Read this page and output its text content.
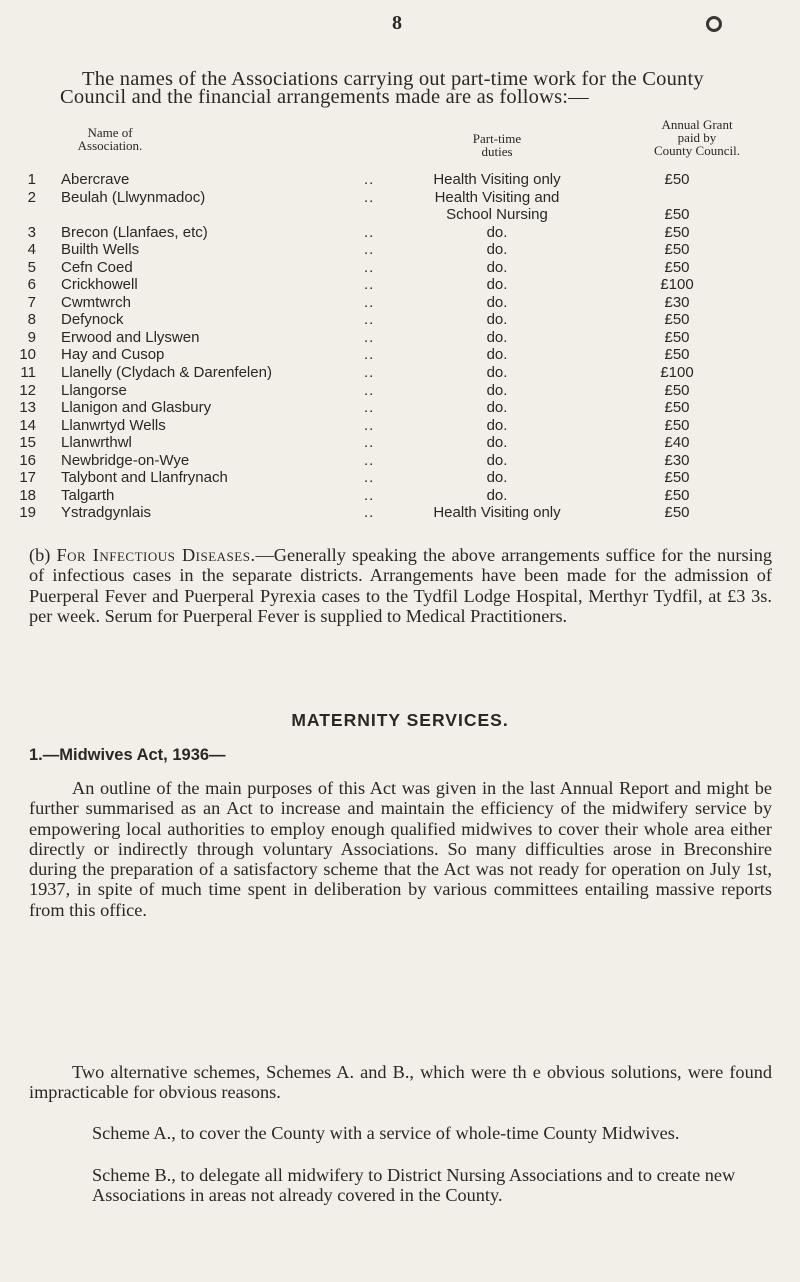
8

The names of the Associations carrying out part-time work for the County Council and the financial arrangements made are as follows:—

Name of
Association.	Part-time
duties
Annual Grant
paid by
County Council.
1 Abercrave	..	Health Visiting only	£50
2 Beulah (Llwynmadoc)	..	Health Visiting and
School Nursing	£50
3 Brecon (Llanfaes, etc)	..	do.	£50
4 Builth Wells	..	do.	£50
5 Cefn Coed	..	do.	£50
6 Crickhowell	..	do.	£100
7 Cwmtwrch	..	do.	£30
8 Defynock	..	do.	£50
9 Erwood and Llyswen	..	do.	£50
10 Hay and Cusop	..	do.	£50
11 Llanelly (Clydach & Darenfelen)	..	do.	£100
12 Llangorse	..	do.	£50
13 Llanigon and Glasbury	..	do.	£50
14 Llanwrtyd Wells	..	do.	£50
15 Llanwrthwl	..	do.	£40
16 Newbridge-on-Wye	..	do.	£30
17 Talybont and Llanfrynach	..	do.	£50
18 Talgarth	..	do.	£50
19 Ystradgynlais	..	Health Visiting only	£50

(b) For Infectious Diseases.—Generally speaking the above arrangements suffice for the nursing of infectious cases in the separate districts. Arrangements have been made for the admission of Puerperal Fever and Puerperal Pyrexia cases to the Tydfil Lodge Hospital, Merthyr Tydfil, at £3 3s. per week. Serum for Puerperal Fever is supplied to Medical Practitioners.

MATERNITY SERVICES.
1.—Midwives Act, 1936—

An outline of the main purposes of this Act was given in the last Annual Report and might be further summarised as an Act to increase and maintain the efficiency of the midwifery service by empowering local authorities to employ enough qualified midwives to cover their whole area either directly or indirectly through voluntary Associations. So many difficulties arose in Breconshire during the preparation of a satisfactory scheme that the Act was not ready for operation on July 1st, 1937, in spite of much time spent in deliberation by various committees entailing massive reports from this office.

Two alternative schemes, Schemes A. and B., which were th e obvious solutions, were found impracticable for obvious reasons.

Scheme A., to cover the County with a service of whole-time County Midwives.

Scheme B., to delegate all midwifery to District Nursing Associations and to create new Associations in areas not already covered in the County.
